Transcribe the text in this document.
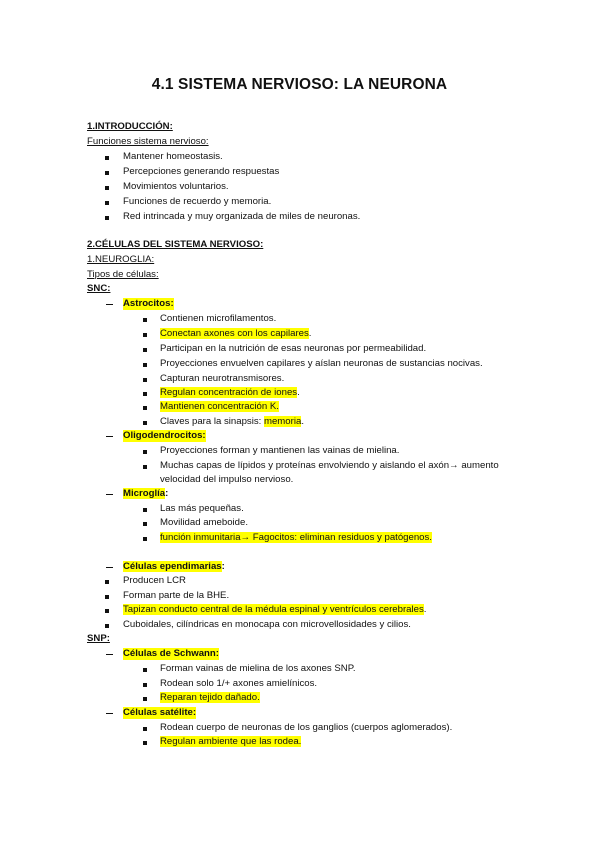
4.1 SISTEMA NERVIOSO: LA NEURONA
1.INTRODUCCIÓN:
Funciones sistema nervioso:
Mantener homeostasis.
Percepciones generando respuestas
Movimientos voluntarios.
Funciones de recuerdo y memoria.
Red intrincada y muy organizada de miles de neuronas.
2.CÉLULAS DEL SISTEMA NERVIOSO:
1.NEUROGLIA:
Tipos de células:
SNC:
Astrocitos:
Contienen microfilamentos.
Conectan axones con los capilares.
Participan en la nutrición de esas neuronas por permeabilidad.
Proyecciones envuelven capilares y aíslan neuronas de sustancias nocivas.
Capturan neurotransmisores.
Regulan concentración de iones.
Mantienen concentración K.
Claves para la sinapsis: memoria.
Oligodendrocitos:
Proyecciones forman y mantienen las vainas de mielina.
Muchas capas de lípidos y proteínas envolviendo y aislando el axón→ aumento
velocidad del impulso nervioso.
Microglía:
Las más pequeñas.
Movilidad ameboide.
función inmunitaria→ Fagocitos: eliminan residuos y patógenos.
Células ependimarias:
Producen LCR
Forman parte de la BHE.
Tapizan conducto central de la médula espinal y ventrículos cerebrales.
Cuboidales, cilíndricas en monocapa con microvellosidades y cilios.
SNP:
Células de Schwann:
Forman vainas de mielina de los axones SNP.
Rodean solo 1/+ axones amielínicos.
Reparan tejido dañado.
Células satélite:
Rodean cuerpo de neuronas de los ganglios (cuerpos aglomerados).
Regulan ambiente que las rodea.
